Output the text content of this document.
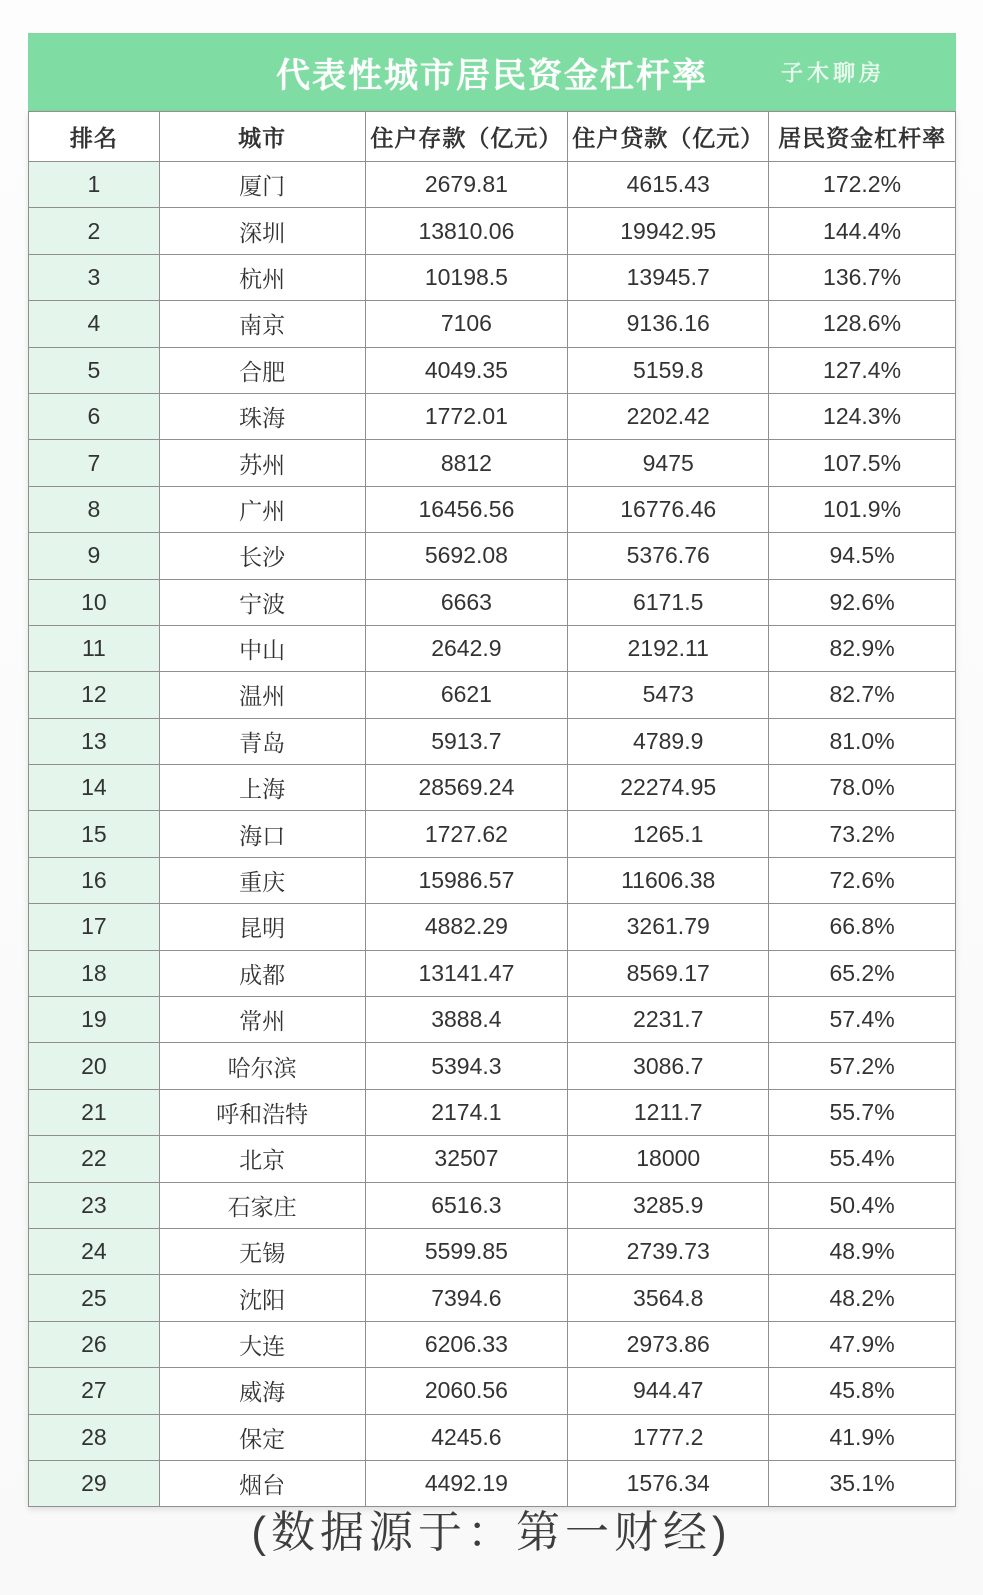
代表性城市居民资金杠杆率	子木聊房
排名	城市	住户存款（亿元）	住户贷款（亿元）	居民资金杠杆率
1	厦门	2679.81	4615.43	172.2%
2	深圳	13810.06	19942.95	144.4%
3	杭州	10198.5	13945.7	136.7%
4	南京	7106	9136.16	128.6%
5	合肥	4049.35	5159.8	127.4%
6	珠海	1772.01	2202.42	124.3%
7	苏州	8812	9475	107.5%
8	广州	16456.56	16776.46	101.9%
9	长沙	5692.08	5376.76	94.5%
10	宁波	6663	6171.5	92.6%
11	中山	2642.9	2192.11	82.9%
12	温州	6621	5473	82.7%
13	青岛	5913.7	4789.9	81.0%
14	上海	28569.24	22274.95	78.0%
15	海口	1727.62	1265.1	73.2%
16	重庆	15986.57	11606.38	72.6%
17	昆明	4882.29	3261.79	66.8%
18	成都	13141.47	8569.17	65.2%
19	常州	3888.4	2231.7	57.4%
20	哈尔滨	5394.3	3086.7	57.2%
21	呼和浩特	2174.1	1211.7	55.7%
22	北京	32507	18000	55.4%
23	石家庄	6516.3	3285.9	50.4%
24	无锡	5599.85	2739.73	48.9%
25	沈阳	7394.6	3564.8	48.2%
26	大连	6206.33	2973.86	47.9%
27	威海	2060.56	944.47	45.8%
28	保定	4245.6	1777.2	41.9%
29	烟台	4492.19	1576.34	35.1%
(数据源于：第一财经)
